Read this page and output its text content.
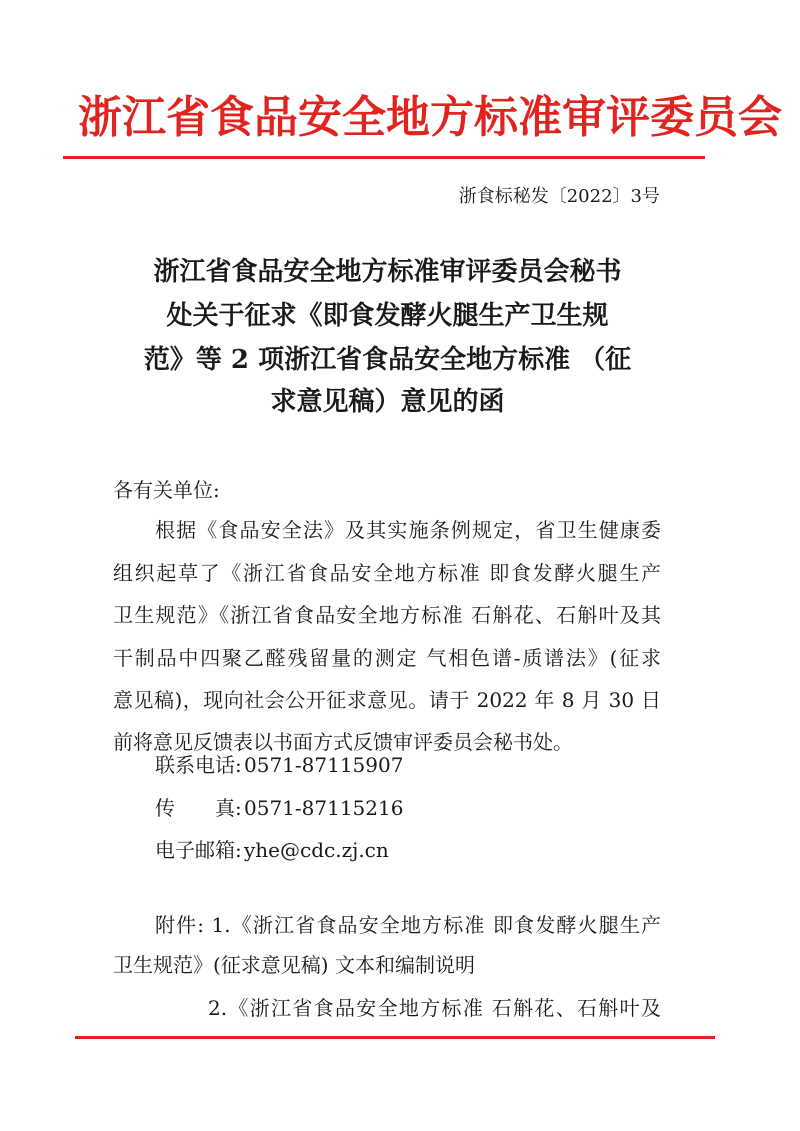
浙江省食品安全地方标准审评委员会
浙食标秘发〔2022〕3号
浙江省食品安全地方标准审评委员会秘书
处关于征求《即食发酵火腿生产卫生规
范》等 2 项浙江省食品安全地方标准 （征
求意见稿）意见的函
各有关单位:
根据《食品安全法》及其实施条例规定，省卫生健康委
组织起草了《浙江省食品安全地方标准 即食发酵火腿生产
卫生规范》《浙江省食品安全地方标准 石斛花、石斛叶及其
干制品中四聚乙醛残留量的测定 气相色谱-质谱法》(征求
意见稿)，现向社会公开征求意见。请于 2022 年 8 月 30 日
前将意见反馈表以书面方式反馈审评委员会秘书处。
联系电话: 0571-87115907
传　　真: 0571-87115216
电子邮箱: yhe@cdc.zj.cn
附件: 1.《浙江省食品安全地方标准 即食发酵火腿生产
卫生规范》(征求意见稿) 文本和编制说明
2.《浙江省食品安全地方标准 石斛花、石斛叶及
